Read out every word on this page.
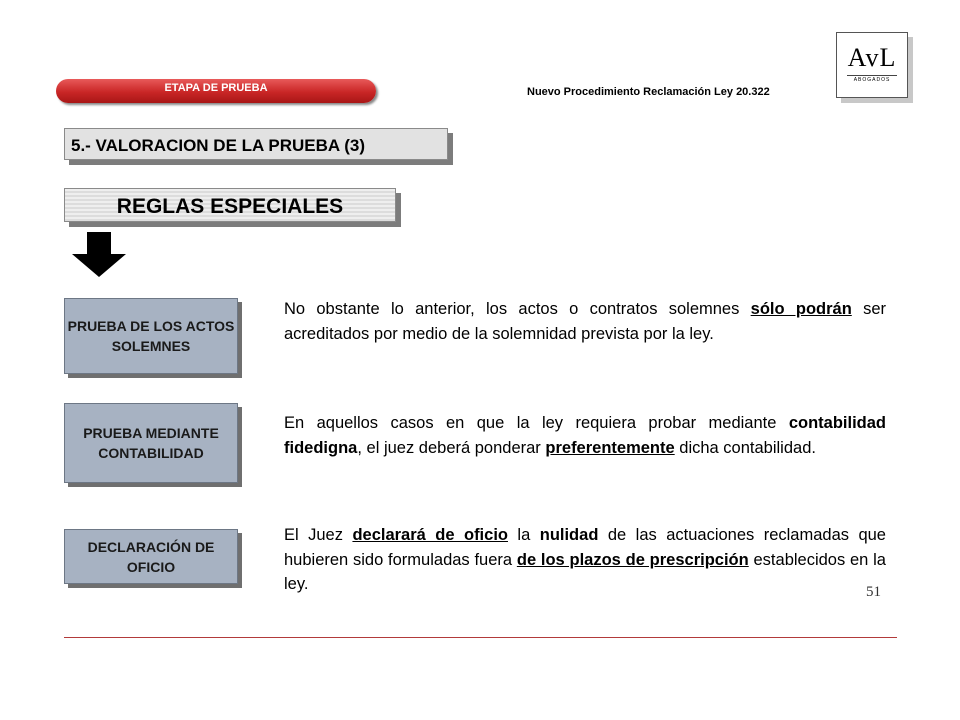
ETAPA DE PRUEBA	Nuevo Procedimiento Reclamación Ley 20.322
AvL
ABOGADOS
5.- VALORACION DE LA PRUEBA (3)
REGLAS ESPECIALES
PRUEBA DE LOS ACTOS SOLEMNES
No obstante lo anterior, los actos o contratos solemnes sólo podrán ser acreditados por medio de la solemnidad prevista por la ley.
PRUEBA MEDIANTE CONTABILIDAD
En aquellos casos en que la ley requiera probar mediante contabilidad fidedigna, el juez deberá ponderar preferentemente dicha contabilidad.
DECLARACIÓN DE OFICIO
El Juez declarará de oficio la nulidad de las actuaciones reclamadas que hubieren sido formuladas fuera de los plazos de prescripción establecidos en la ley.	51
